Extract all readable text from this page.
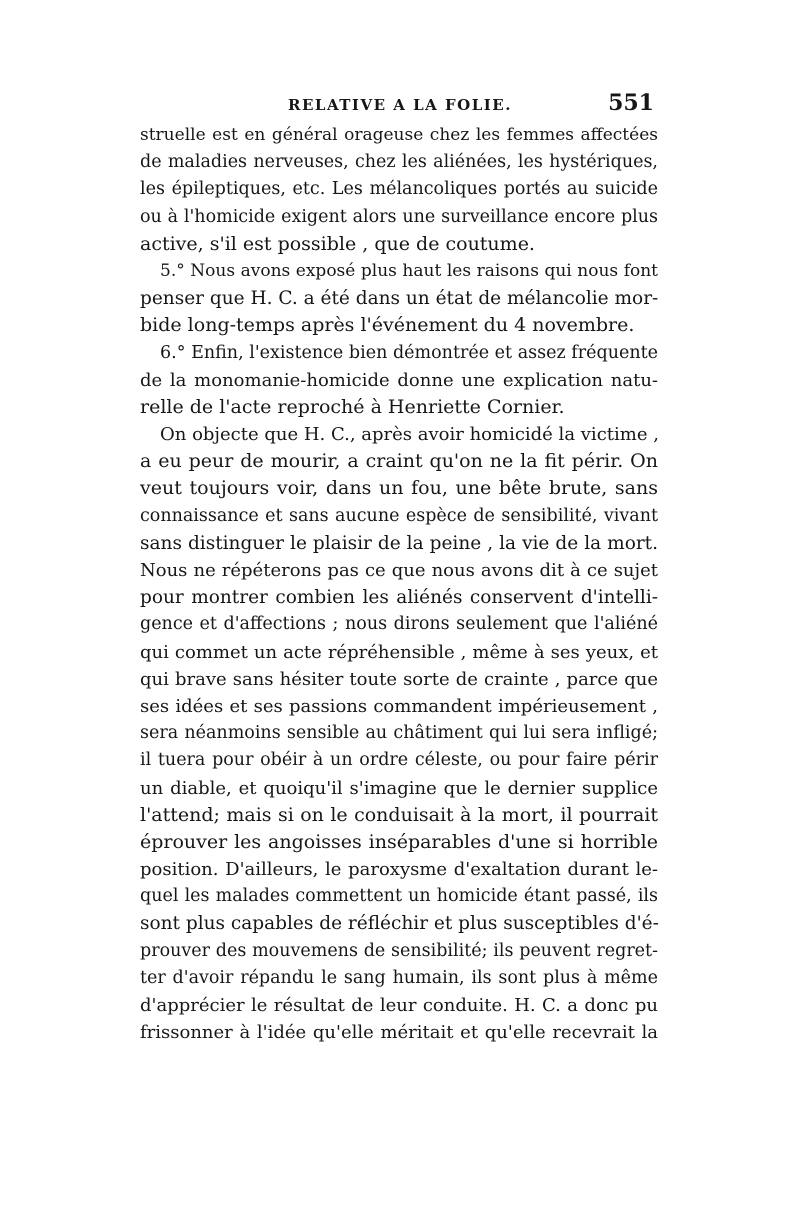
RELATIVE A LA FOLIE.	551
struelle est en général orageuse chez les femmes affectées
de maladies nerveuses, chez les aliénées, les hystériques,
les épileptiques, etc. Les mélancoliques portés au suicide
ou à l'homicide exigent alors une surveillance encore plus
active, s'il est possible , que de coutume.
5.° Nous avons exposé plus haut les raisons qui nous font
penser que H. C. a été dans un état de mélancolie mor-
bide long-temps après l'événement du 4 novembre.
6.° Enfin, l'existence bien démontrée et assez fréquente
de la monomanie-homicide donne une explication natu-
relle de l'acte reproché à Henriette Cornier.
On objecte que H. C., après avoir homicidé la victime ,
a eu peur de mourir, a craint qu'on ne la fit périr. On
veut toujours voir, dans un fou, une bête brute, sans
connaissance et sans aucune espèce de sensibilité, vivant
sans distinguer le plaisir de la peine , la vie de la mort.
Nous ne répéterons pas ce que nous avons dit à ce sujet
pour montrer combien les aliénés conservent d'intelli-
gence et d'affections ; nous dirons seulement que l'aliéné
qui commet un acte répréhensible , même à ses yeux, et
qui brave sans hésiter toute sorte de crainte , parce que
ses idées et ses passions commandent impérieusement ,
sera néanmoins sensible au châtiment qui lui sera infligé;
il tuera pour obéir à un ordre céleste, ou pour faire périr
un diable, et quoiqu'il s'imagine que le dernier supplice
l'attend; mais si on le conduisait à la mort, il pourrait
éprouver les angoisses inséparables d'une si horrible
position. D'ailleurs, le paroxysme d'exaltation durant le-
quel les malades commettent un homicide étant passé, ils
sont plus capables de réfléchir et plus susceptibles d'é-
prouver des mouvemens de sensibilité; ils peuvent regret-
ter d'avoir répandu le sang humain, ils sont plus à même
d'apprécier le résultat de leur conduite. H. C. a donc pu
frissonner à l'idée qu'elle méritait et qu'elle recevrait la
